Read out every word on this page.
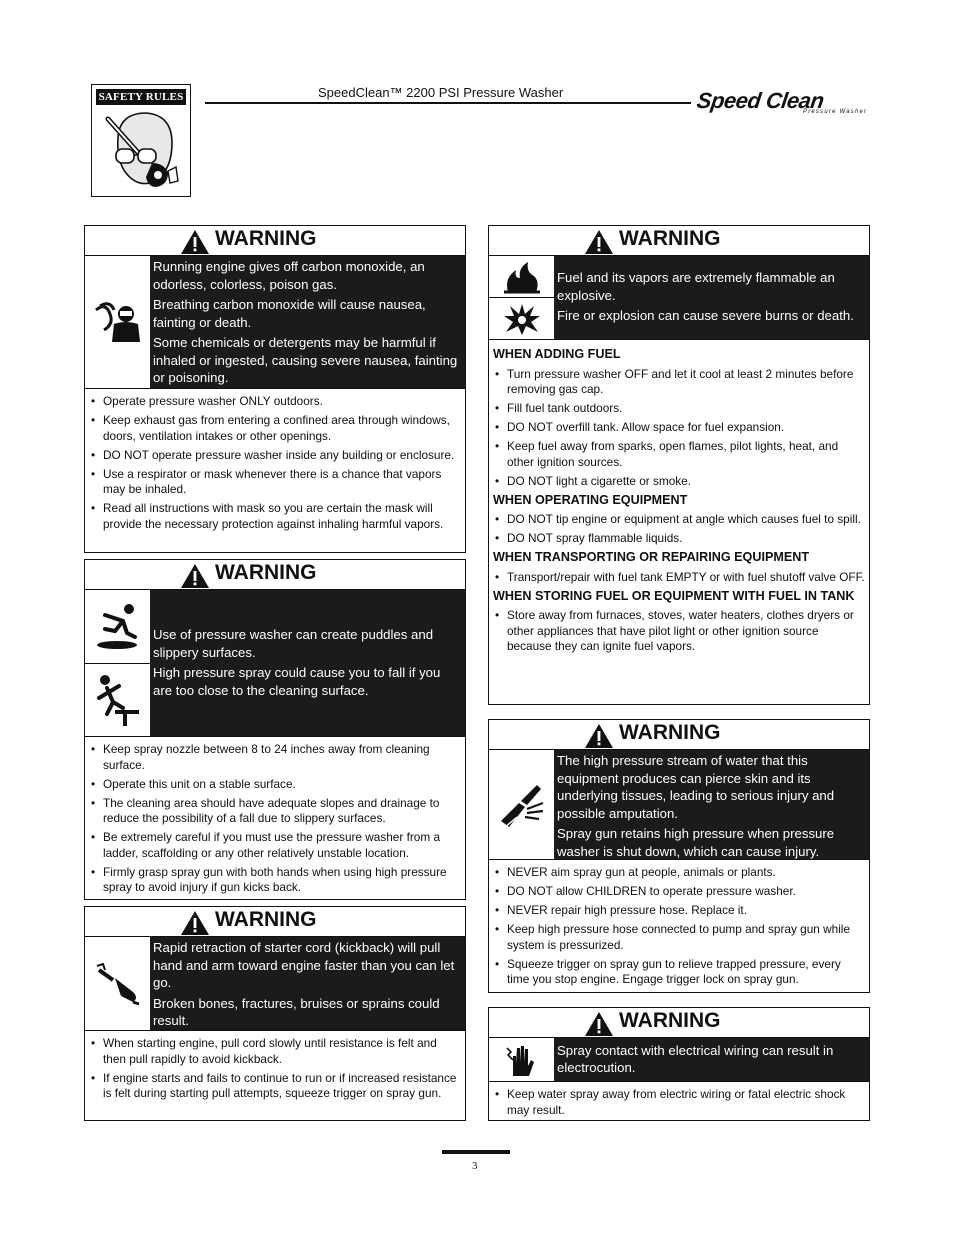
SAFETY RULES	SpeedClean™ 2200 PSI Pressure Washer	Speed Clean
Pressure Washer
WARNING

Running engine gives off carbon monoxide, an odorless, colorless, poison gas.

Breathing carbon monoxide will cause nausea, fainting or death.

Some chemicals or detergents may be harmful if inhaled or ingested, causing severe nausea, fainting or poisoning.

• Operate pressure washer ONLY outdoors.
• Keep exhaust gas from entering a confined area through windows, doors, ventilation intakes or other openings.
• DO NOT operate pressure washer inside any building or enclosure.
• Use a respirator or mask whenever there is a chance that vapors may be inhaled.
• Read all instructions with mask so you are certain the mask will provide the necessary protection against inhaling harmful vapors.
WARNING

Use of pressure washer can create puddles and slippery surfaces.

High pressure spray could cause you to fall if you are too close to the cleaning surface.

• Keep spray nozzle between 8 to 24 inches away from cleaning surface.
• Operate this unit on a stable surface.
• The cleaning area should have adequate slopes and drainage to reduce the possibility of a fall due to slippery surfaces.
• Be extremely careful if you must use the pressure washer from a ladder, scaffolding or any other relatively unstable location.
• Firmly grasp spray gun with both hands when using high pressure spray to avoid injury if gun kicks back.
WARNING

Rapid retraction of starter cord (kickback) will pull hand and arm toward engine faster than you can let go.

Broken bones, fractures, bruises or sprains could result.

• When starting engine, pull cord slowly until resistance is felt and then pull rapidly to avoid kickback.
• If engine starts and fails to continue to run or if increased resistance is felt during starting pull attempts, squeeze trigger on spray gun.
WARNING

Fuel and its vapors are extremely flammable an explosive.

Fire or explosion can cause severe burns or death.

WHEN ADDING FUEL
• Turn pressure washer OFF and let it cool at least 2 minutes before removing gas cap.
• Fill fuel tank outdoors.
• DO NOT overfill tank. Allow space for fuel expansion.
• Keep fuel away from sparks, open flames, pilot lights, heat, and other ignition sources.
• DO NOT light a cigarette or smoke.
WHEN OPERATING EQUIPMENT
• DO NOT tip engine or equipment at angle which causes fuel to spill.
• DO NOT spray flammable liquids.
WHEN TRANSPORTING OR REPAIRING EQUIPMENT
• Transport/repair with fuel tank EMPTY or with fuel shutoff valve OFF.
WHEN STORING FUEL OR EQUIPMENT WITH FUEL IN TANK
• Store away from furnaces, stoves, water heaters, clothes dryers or other appliances that have pilot light or other ignition source because they can ignite fuel vapors.
WARNING

The high pressure stream of water that this equipment produces can pierce skin and its underlying tissues, leading to serious injury and possible amputation.

Spray gun retains high pressure when pressure washer is shut down, which can cause injury.

• NEVER aim spray gun at people, animals or plants.
• DO NOT allow CHILDREN to operate pressure washer.
• NEVER repair high pressure hose. Replace it.
• Keep high pressure hose connected to pump and spray gun while system is pressurized.
• Squeeze trigger on spray gun to relieve trapped pressure, every time you stop engine. Engage trigger lock on spray gun.
WARNING

Spray contact with electrical wiring can result in electrocution.

• Keep water spray away from electric wiring or fatal electric shock may result.
3
